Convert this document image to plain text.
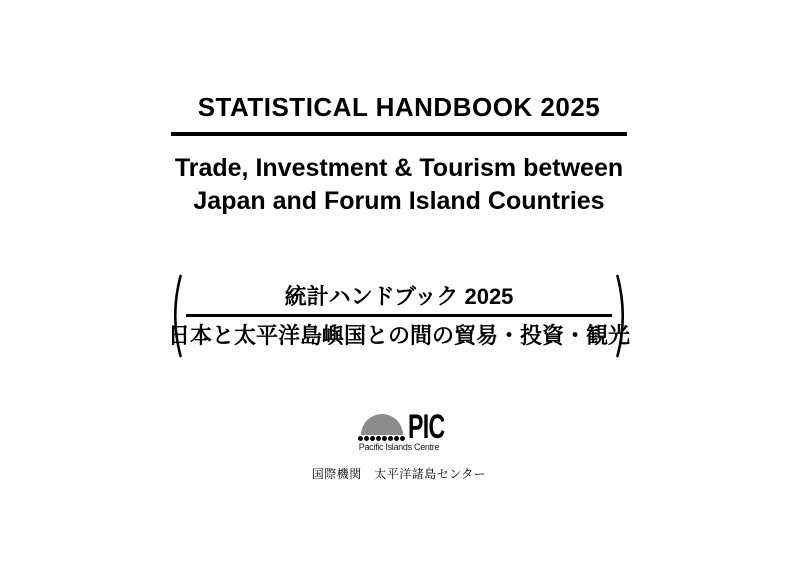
STATISTICAL HANDBOOK 2025
Trade, Investment & Tourism between
Japan and Forum Island Countries
$\frac{\text{統計ハンドブック 2025}}{\text{日本と太平洋島嶼国との間の貿易・投資・観光}}$
PIC
Pacific Islands Centre
国際機関　太平洋諸島センター
